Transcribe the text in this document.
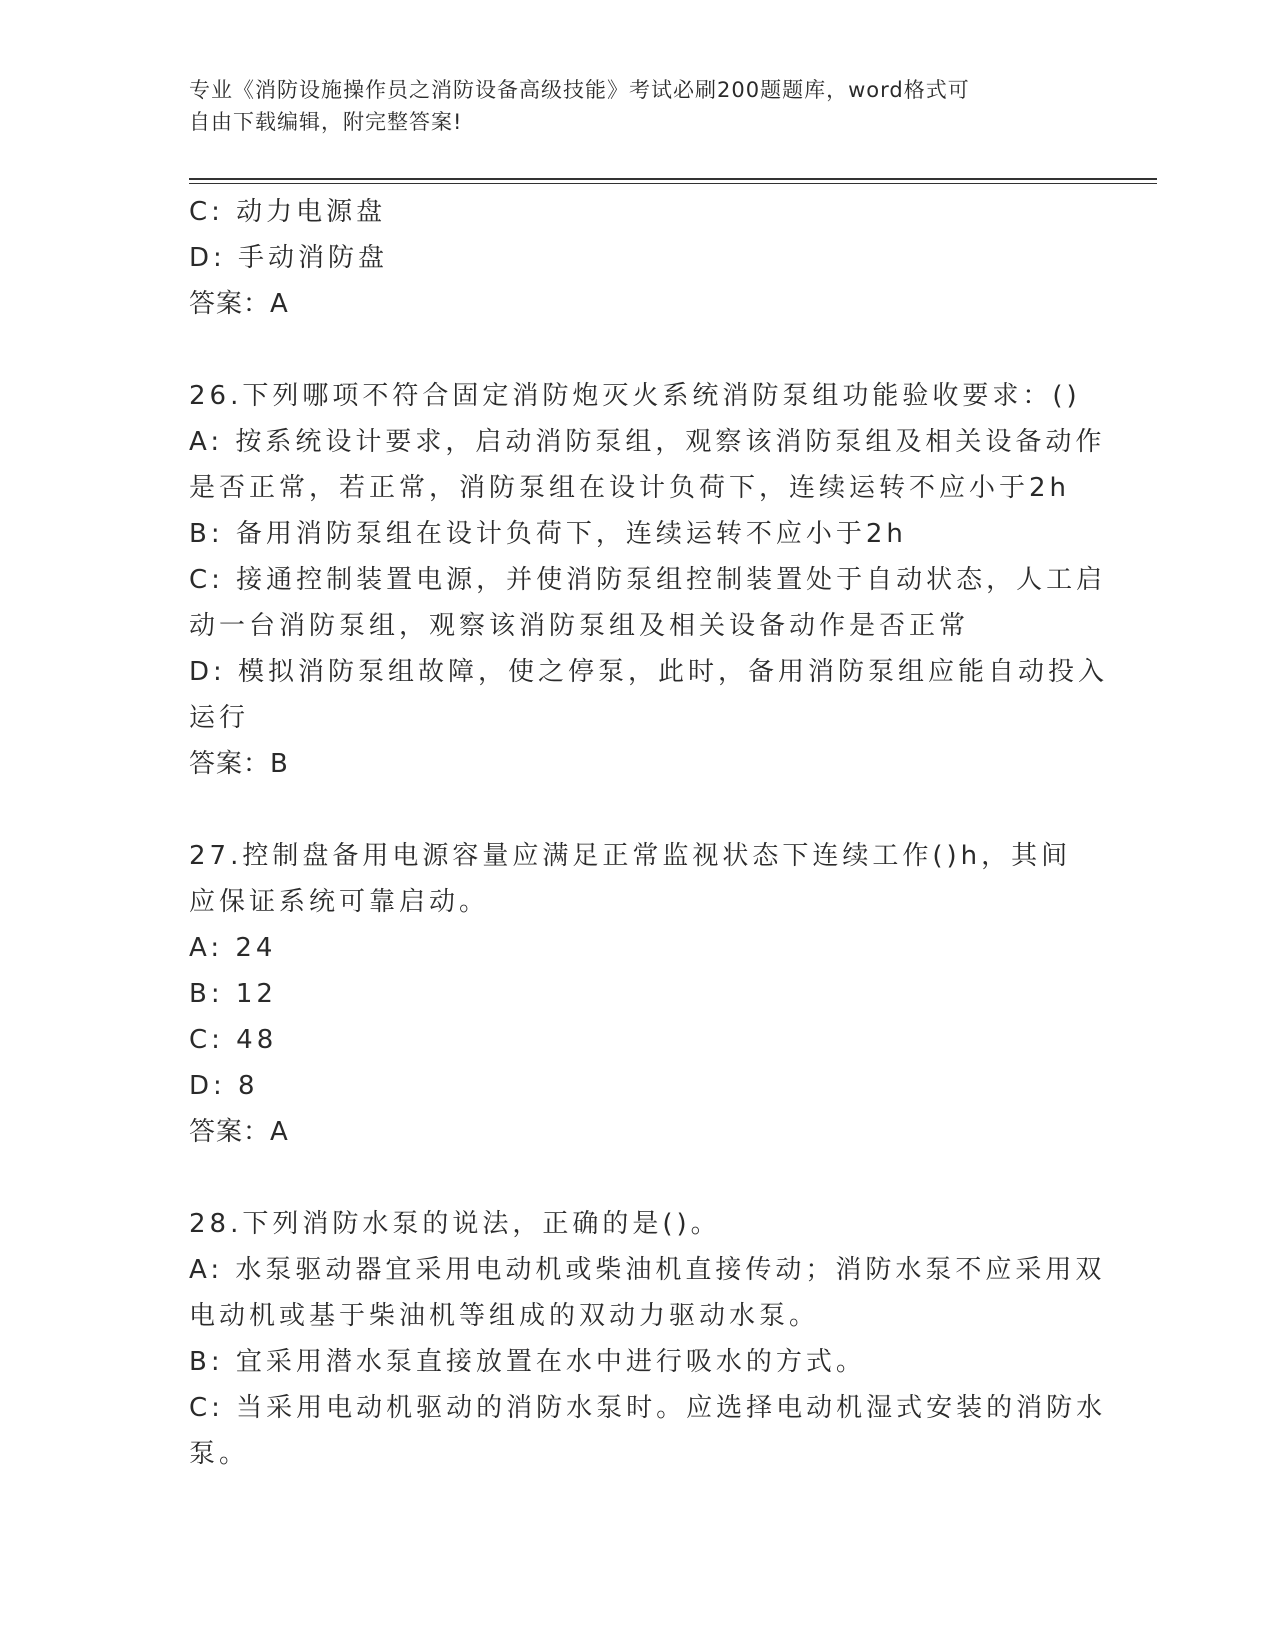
专业《消防设施操作员之消防设备高级技能》考试必刷200题题库，word格式可
自由下载编辑，附完整答案!
C: 动力电源盘
D: 手动消防盘
答案：A
26.下列哪项不符合固定消防炮灭火系统消防泵组功能验收要求：()
A: 按系统设计要求，启动消防泵组，观察该消防泵组及相关设备动作
是否正常，若正常，消防泵组在设计负荷下，连续运转不应小于2h
B: 备用消防泵组在设计负荷下，连续运转不应小于2h
C: 接通控制装置电源，并使消防泵组控制装置处于自动状态，人工启
动一台消防泵组，观察该消防泵组及相关设备动作是否正常
D: 模拟消防泵组故障，使之停泵，此时，备用消防泵组应能自动投入
运行
答案：B
27.控制盘备用电源容量应满足正常监视状态下连续工作()h，其间
应保证系统可靠启动。
A: 24
B: 12
C: 48
D: 8
答案：A
28.下列消防水泵的说法，正确的是()。
A: 水泵驱动器宜采用电动机或柴油机直接传动；消防水泵不应采用双
电动机或基于柴油机等组成的双动力驱动水泵。
B: 宜采用潜水泵直接放置在水中进行吸水的方式。
C: 当采用电动机驱动的消防水泵时。应选择电动机湿式安装的消防水
泵。
